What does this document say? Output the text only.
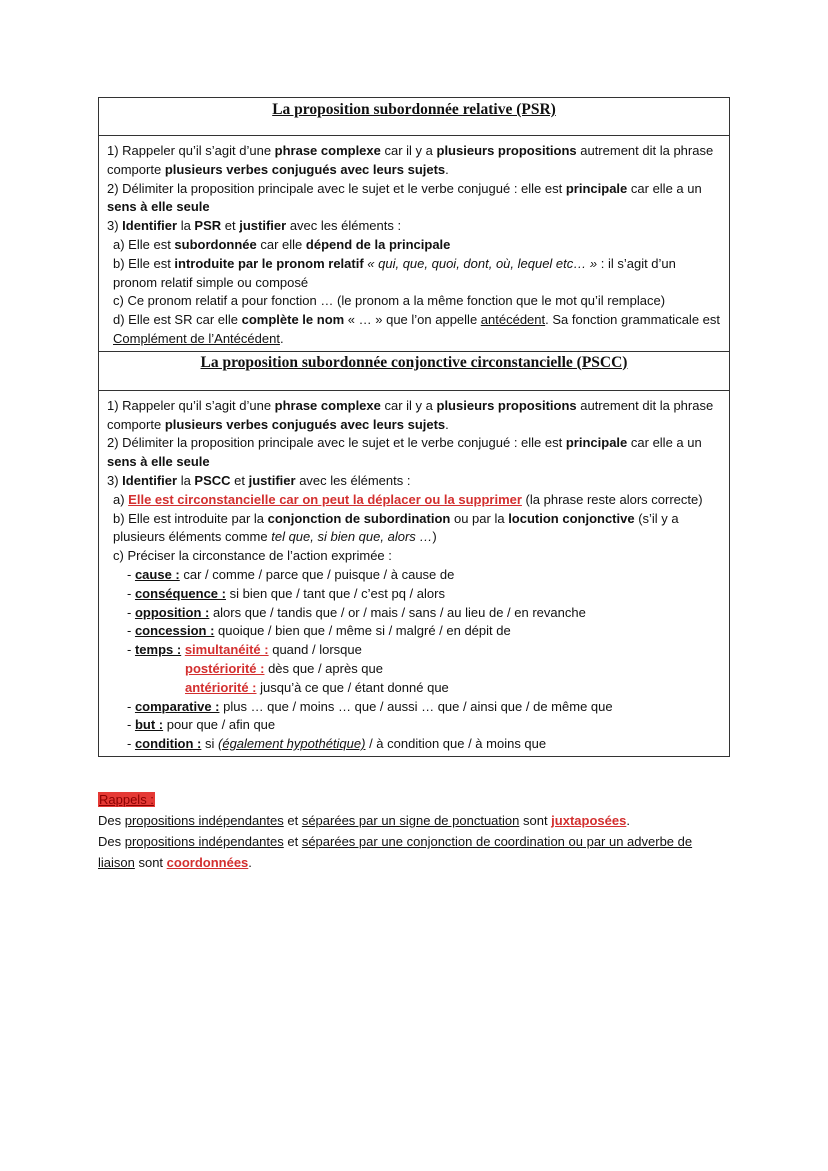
La proposition subordonnée relative (PSR)

1) Rappeler qu’il s’agit d’une phrase complexe car il y a plusieurs propositions autrement dit la phrase comporte plusieurs verbes conjugués avec leurs sujets.

2) Délimiter la proposition principale avec le sujet et le verbe conjugué : elle est principale car elle a un sens à elle seule

3) Identifier la PSR et justifier avec les éléments :

a) Elle est subordonnée car elle dépend de la principale

b) Elle est introduite par le pronom relatif « qui, que, quoi, dont, où, lequel etc… » : il s’agit d’un pronom relatif simple ou composé

c) Ce pronom relatif a pour fonction … (le pronom a la même fonction que le mot qu’il remplace)

d) Elle est SR car elle complète le nom « … » que l’on appelle antécédent. Sa fonction grammaticale est Complément de l’Antécédent.

La proposition subordonnée conjonctive circonstancielle (PSCC)

1) Rappeler qu’il s’agit d’une phrase complexe car il y a plusieurs propositions autrement dit la phrase comporte plusieurs verbes conjugués avec leurs sujets.

2) Délimiter la proposition principale avec le sujet et le verbe conjugué : elle est principale car elle a un sens à elle seule

3) Identifier la PSCC et justifier avec les éléments :

a) Elle est circonstancielle car on peut la déplacer ou la supprimer (la phrase reste alors correcte)

b) Elle est introduite par la conjonction de subordination ou par la locution conjonctive (s’il y a plusieurs éléments comme tel que, si bien que, alors …)

c) Préciser la circonstance de l’action exprimée :

- cause : car / comme / parce que / puisque / à cause de

- conséquence : si bien que / tant que / c’est pq / alors

- opposition : alors que / tandis que / or / mais / sans / au lieu de / en revanche

- concession : quoique / bien que / même si / malgré / en dépit de

- temps : simultanéité : quand / lorsque

postériorité : dès que / après que

antériorité : jusqu’à ce que / étant donné que

- comparative : plus … que / moins … que / aussi … que / ainsi que / de même que

- but : pour que / afin que

- condition : si (également hypothétique) / à condition que / à moins que

Rappels :

Des propositions indépendantes et séparées par un signe de ponctuation sont juxtaposées.

Des propositions indépendantes et séparées par une conjonction de coordination ou par un adverbe de liaison sont coordonnées.
